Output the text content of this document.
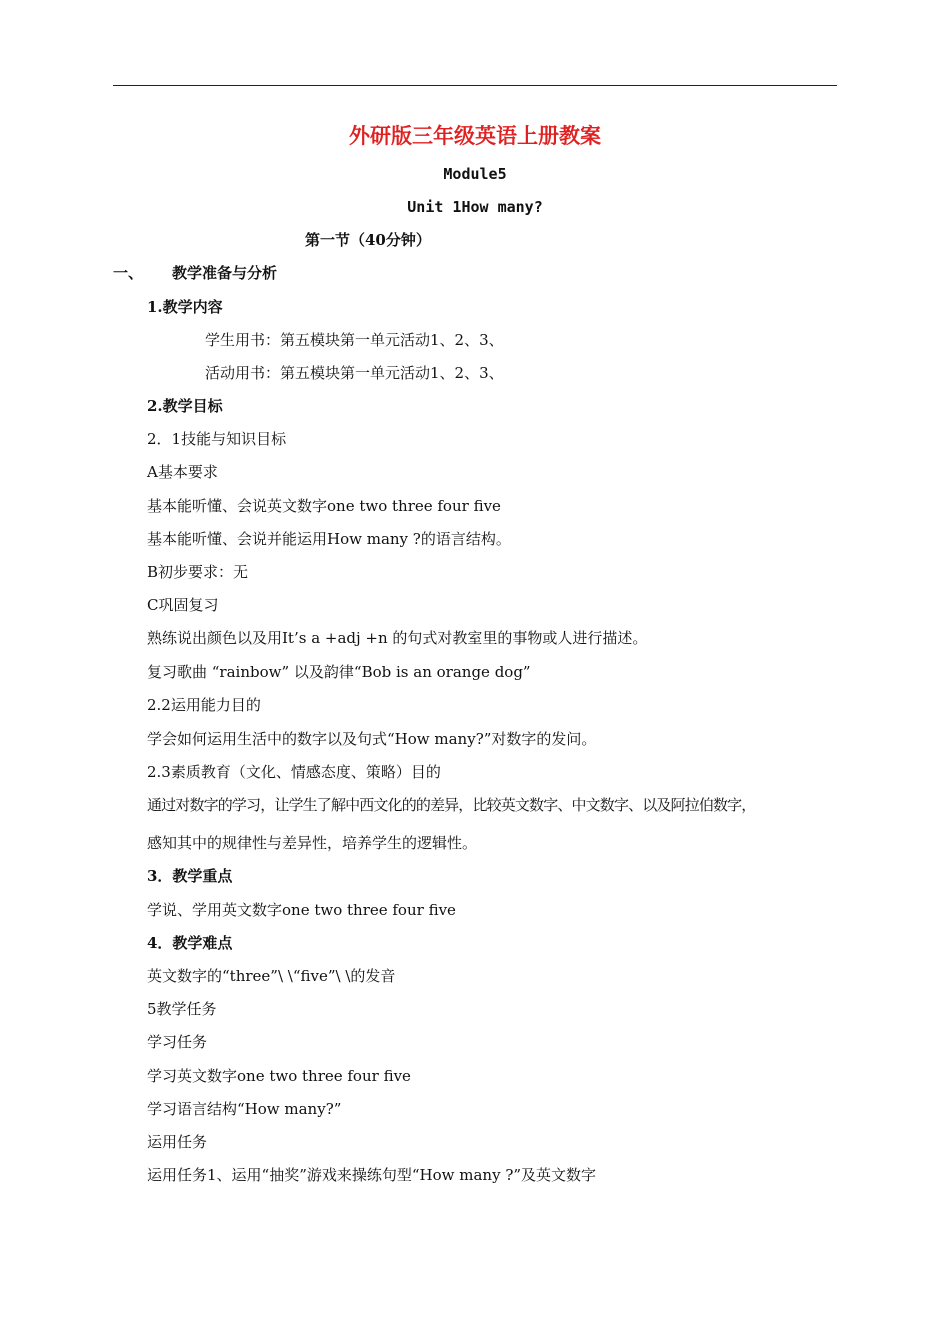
外研版三年级英语上册教案
Module5
Unit 1How many?
第一节（40分钟）
一、 教学准备与分析
1.教学内容
学生用书：第五模块第一单元活动1、2、3、
活动用书：第五模块第一单元活动1、2、3、
2.教学目标
2．1技能与知识目标
A基本要求
基本能听懂、会说英文数字one two three four five
基本能听懂、会说并能运用How many ?的语言结构。
B初步要求：无
C巩固复习
熟练说出颜色以及用It’s a +adj +n 的句式对教室里的事物或人进行描述。
复习歌曲 “rainbow” 以及韵律“Bob is an orange dog”
2.2运用能力目的
学会如何运用生活中的数字以及句式“How many?”对数字的发问。
2.3素质教育（文化、情感态度、策略）目的
通过对数字的学习，让学生了解中西文化的的差异，比较英文数字、中文数字、以及阿拉伯数字，
感知其中的规律性与差异性，培养学生的逻辑性。
3．教学重点
学说、学用英文数字one two three four five
4．教学难点
英文数字的“three”\ \“five”\ \的发音
5教学任务
学习任务
学习英文数字one two three four five
学习语言结构“How many?”
运用任务
运用任务1、运用“抽奖”游戏来操练句型“How many ?”及英文数字
